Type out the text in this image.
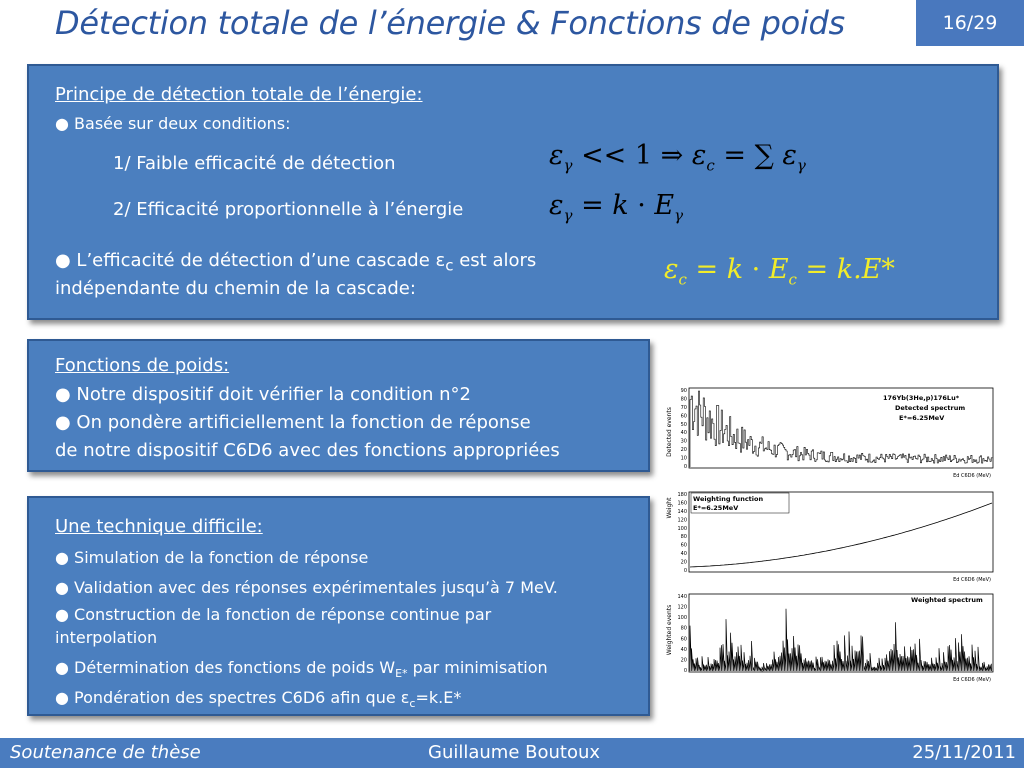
Détection totale de l’énergie & Fonctions de poids	16/29
Principe de détection totale de l’énergie:
● Basée sur deux conditions:
1/ Faible efficacité de détection
2/ Efficacité proportionnelle à l’énergie
● L’efficacité de détection d’une cascade $\varepsilon_c$ est alors
indépendante du chemin de la cascade:
$\varepsilon_\gamma << 1$ ⇒ $\varepsilon_c$ = ∑ $\varepsilon_\gamma$
$\varepsilon_\gamma = k \cdot E_\gamma$
$\varepsilon_c = k \cdot E_c = k.E*$
Fonctions de poids:
● Notre dispositif doit vérifier la condition n°2
● On pondère artificiellement la fonction de réponse
de notre dispositif C6D6 avec des fonctions appropriées
Une technique difficile:
● Simulation de la fonction de réponse
● Validation avec des réponses expérimentales jusqu’à 7 MeV.
● Construction de la fonction de réponse continue par
interpolation
● Détermination des fonctions de poids $W_{E*}$ par minimisation
● Pondération des spectres C6D6 afin que $\varepsilon_c=k.E*$
Detected events
90
80
70
60
50
40
30
20
10
0
176Yb(3He,p)176Lu*
Detected spectrum
E*=6.25MeV
Ed C6D6 (MeV)
Weight
180
160
140
120
100
80
60
40
20
0
Weighting function
E*=6.25MeV
Ed C6D6 (MeV)
Weighted events
140
120
100
80
60
40
20
0
Weighted spectrum
Ed C6D6 (MeV)
Soutenance de thèse	Guillaume Boutoux	25/11/2011
